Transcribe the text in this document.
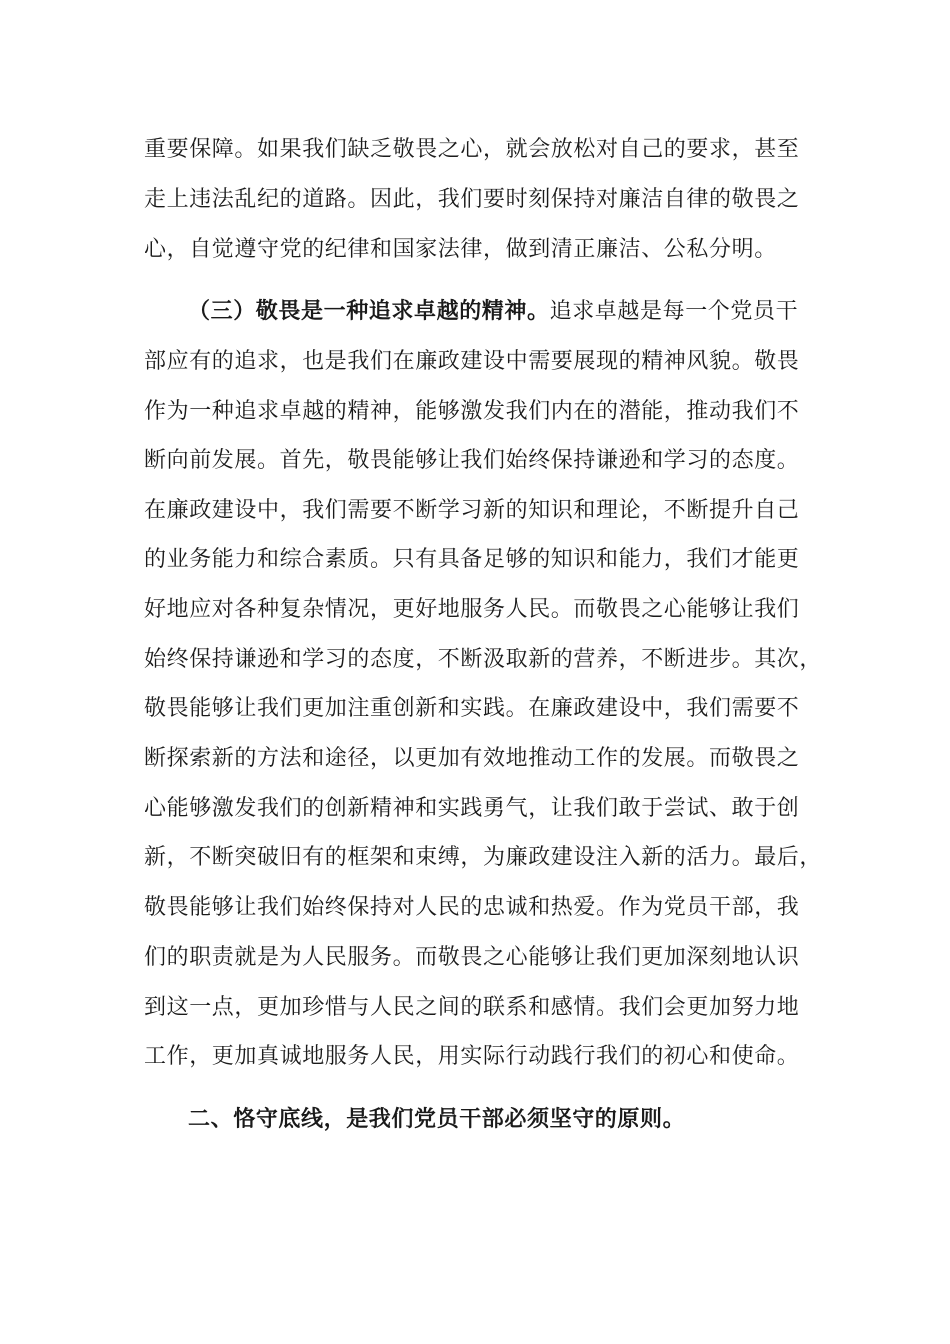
重要保障。如果我们缺乏敬畏之心，就会放松对自己的要求，甚至
走上违法乱纪的道路。因此，我们要时刻保持对廉洁自律的敬畏之
心，自觉遵守党的纪律和国家法律，做到清正廉洁、公私分明。
（三）敬畏是一种追求卓越的精神。追求卓越是每一个党员干
部应有的追求，也是我们在廉政建设中需要展现的精神风貌。敬畏
作为一种追求卓越的精神，能够激发我们内在的潜能，推动我们不
断向前发展。首先，敬畏能够让我们始终保持谦逊和学习的态度。
在廉政建设中，我们需要不断学习新的知识和理论，不断提升自己
的业务能力和综合素质。只有具备足够的知识和能力，我们才能更
好地应对各种复杂情况，更好地服务人民。而敬畏之心能够让我们
始终保持谦逊和学习的态度，不断汲取新的营养，不断进步。其次，
敬畏能够让我们更加注重创新和实践。在廉政建设中，我们需要不
断探索新的方法和途径，以更加有效地推动工作的发展。而敬畏之
心能够激发我们的创新精神和实践勇气，让我们敢于尝试、敢于创
新，不断突破旧有的框架和束缚，为廉政建设注入新的活力。最后，
敬畏能够让我们始终保持对人民的忠诚和热爱。作为党员干部，我
们的职责就是为人民服务。而敬畏之心能够让我们更加深刻地认识
到这一点，更加珍惜与人民之间的联系和感情。我们会更加努力地
工作，更加真诚地服务人民，用实际行动践行我们的初心和使命。
二、恪守底线，是我们党员干部必须坚守的原则。
